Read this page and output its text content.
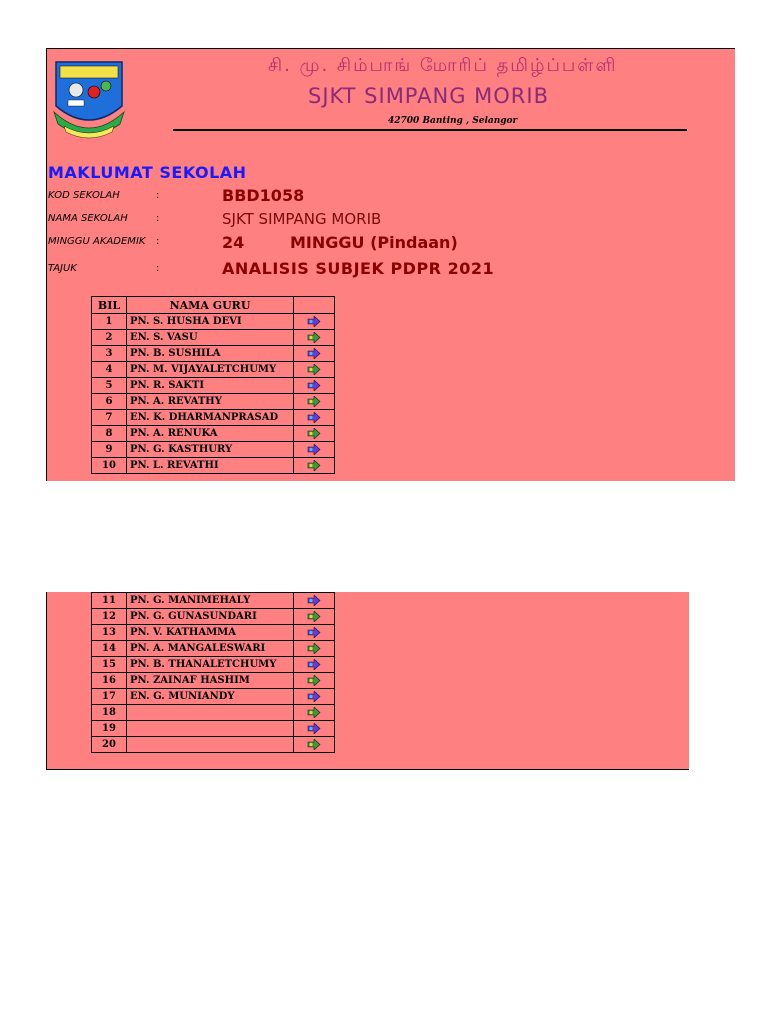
சி. மு. சிம்பாங் மோரிப் தமிழ்ப்பள்ளி
SJKT SIMPANG MORIB
42700 Banting , Selangor
MAKLUMAT SEKOLAH
KOD SEKOLAH	:	BBD1058
NAMA SEKOLAH	:	SJKT SIMPANG MORIB
MINGGU AKADEMIK :	24	MINGGU (Pindaan)
TAJUK	:	ANALISIS SUBJEK PDPR 2021
BIL	NAMA GURU	
1	PN. S. HUSHA DEVI	
2	EN. S. VASU	
3	PN. B. SUSHILA	
4	PN. M. VIJAYALETCHUMY	
5	PN. R. SAKTI	
6	PN. A. REVATHY	
7	EN. K. DHARMANPRASAD	
8	PN. A. RENUKA	
9	PN. G. KASTHURY	
10	PN. L. REVATHI	
11	PN. G. MANIMEHALY	
12	PN. G. GUNASUNDARI	
13	PN. V. KATHAMMA	
14	PN. A. MANGALESWARI	
15	PN. B. THANALETCHUMY	
16	PN. ZAINAF HASHIM	
17	EN. G. MUNIANDY	
18		
19		
20		
